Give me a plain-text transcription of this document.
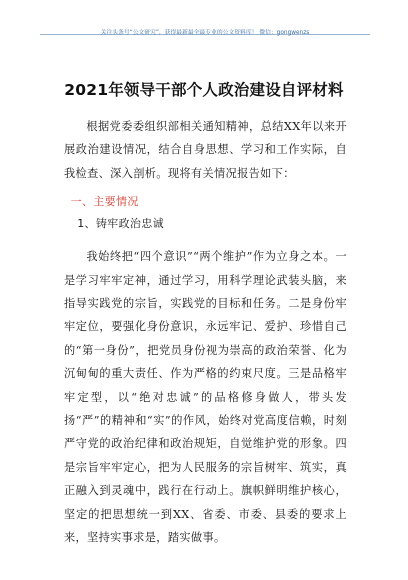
关注头条号“公文研究”，获得最新最全最专业的公文资料库！ 微信：gongwenzs
2021年领导干部个人政治建设自评材料

根据党委委组织部相关通知精神，总结XX年以来开展政治建设情况，结合自身思想、学习和工作实际，自我检查、深入剖析。现将有关情况报告如下：

一、主要情况

1、铸牢政治忠诚

我始终把“四个意识”“两个维护”作为立身之本。一是学习牢牢定神，通过学习，用科学理论武装头脑，来指导实践党的宗旨，实践党的目标和任务。二是身份牢牢定位，要强化身份意识，永远牢记、爱护、珍惜自己的“第一身份”，把党员身份视为崇高的政治荣誉、化为沉甸甸的重大责任、作为严格的约束尺度。三是品格牢牢定型，以“绝对忠诚”的品格修身做人，带头发扬“严”的精神和“实”的作风，始终对党高度信赖，时刻严守党的政治纪律和政治规矩，自觉维护党的形象。四是宗旨牢牢定心，把为人民服务的宗旨树牢、筑实，真正融入到灵魂中，践行在行动上。旗帜鲜明维护核心，坚定的把思想统一到XX、省委、市委、县委的要求上来，坚持实事求是，踏实做事。
